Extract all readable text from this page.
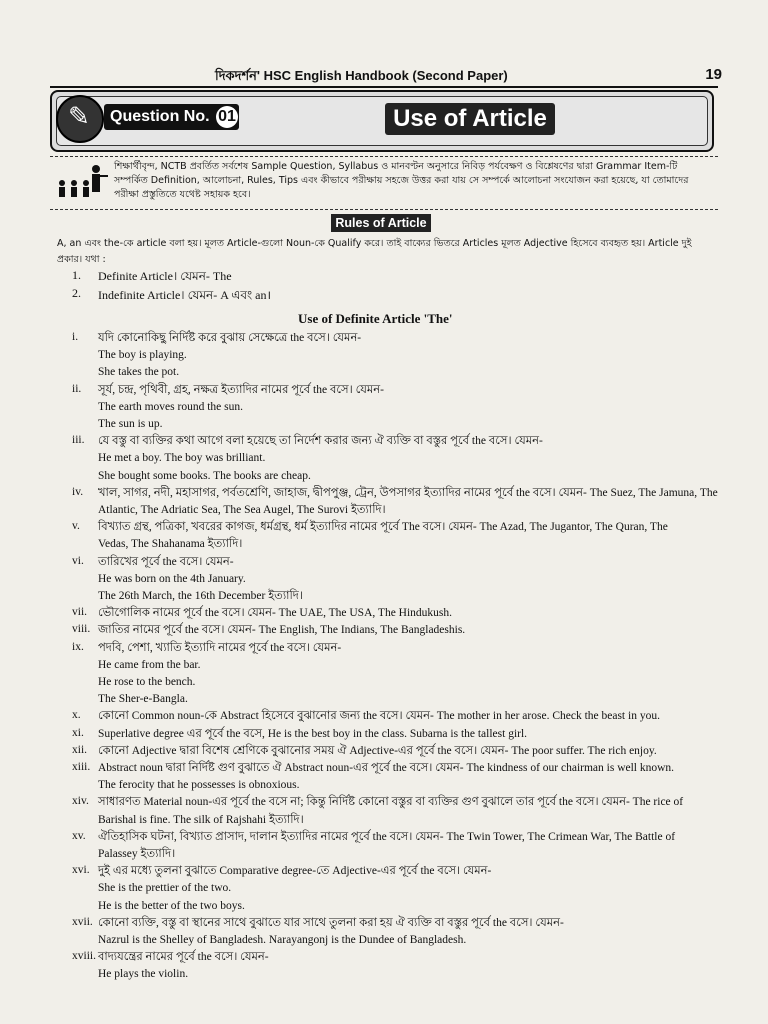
দিকদর্শন' HSC English Handbook (Second Paper)	19
✎
Question No. 01	Use of Article
শিক্ষার্থীবৃন্দ, NCTB প্রবর্তিত সর্বশেষ Sample Question, Syllabus ও মানবণ্টন অনুসারে নিবিড় পর্যবেক্ষণ ও বিশ্লেষণের দ্বারা Grammar Item-টি সম্পর্কিত Definition, আলোচনা, Rules, Tips এবং কীভাবে পরীক্ষায় সহজে উত্তর করা যায় সে সম্পর্কে আলোচনা সংযোজন করা হয়েছে, যা তোমাদের পরীক্ষা প্রস্তুতিতে যথেষ্ট সহায়ক হবে।
Rules of Article
A, an এবং the-কে article বলা হয়। মূলত Article-গুলো Noun-কে Qualify করে। তাই বাক্যের ভিতরে Articles মূলত Adjective হিসেবে ব্যবহৃত হয়। Article দুই প্রকার। যথা :
1. Definite Article। যেমন- The
2. Indefinite Article। যেমন- A এবং an।
Use of Definite Article 'The'
i. যদি কোনোকিছু নির্দিষ্ট করে বুঝায় সেক্ষেত্রে the বসে। যেমন-
The boy is playing.
She takes the pot.
ii. সূর্য, চন্দ্র, পৃথিবী, গ্রহ, নক্ষত্র ইত্যাদির নামের পূর্বে the বসে। যেমন-
The earth moves round the sun.
The sun is up.
iii. যে বস্তু বা ব্যক্তির কথা আগে বলা হয়েছে তা নির্দেশ করার জন্য ঐ ব্যক্তি বা বস্তুর পূর্বে the বসে। যেমন-
He met a boy. The boy was brilliant.
She bought some books. The books are cheap.
iv. খাল, সাগর, নদী, মহাসাগর, পর্বতশ্রেণি, জাহাজ, দ্বীপপুঞ্জ, ট্রেন, উপসাগর ইত্যাদির নামের পূর্বে the বসে। যেমন- The Suez, The Jamuna, The
Atlantic, The Adriatic Sea, The Sea Augel, The Surovi ইত্যাদি।
v. বিখ্যাত গ্রন্থ, পত্রিকা, খবরের কাগজ, ধর্মগ্রন্থ, ধর্ম ইত্যাদির নামের পূর্বে The বসে। যেমন- The Azad, The Jugantor, The Quran, The
Vedas, The Shahanama ইত্যাদি।
vi. তারিখের পূর্বে the বসে। যেমন-
He was born on the 4th January.
The 26th March, the 16th December ইত্যাদি।
vii. ভৌগোলিক নামের পূর্বে the বসে। যেমন- The UAE, The USA, The Hindukush.
viii. জাতির নামের পূর্বে the বসে। যেমন- The English, The Indians, The Bangladeshis.
ix. পদবি, পেশা, খ্যাতি ইত্যাদি নামের পূর্বে the বসে। যেমন-
He came from the bar.
He rose to the bench.
The Sher-e-Bangla.
x. কোনো Common noun-কে Abstract হিসেবে বুঝানোর জন্য the বসে। যেমন- The mother in her arose. Check the beast in you.
xi. Superlative degree এর পূর্বে the বসে, He is the best boy in the class. Subarna is the tallest girl.
xii. কোনো Adjective দ্বারা বিশেষ শ্রেণিকে বুঝানোর সময় ঐ Adjective-এর পূর্বে the বসে। যেমন- The poor suffer. The rich enjoy.
xiii. Abstract noun দ্বারা নির্দিষ্ট গুণ বুঝাতে ঐ Abstract noun-এর পূর্বে the বসে। যেমন- The kindness of our chairman is well known.
The ferocity that he possesses is obnoxious.
xiv. সাধারণত Material noun-এর পূর্বে the বসে না; কিন্তু নির্দিষ্ট কোনো বস্তুর বা ব্যক্তির গুণ বুঝালে তার পূর্বে the বসে। যেমন- The rice of
Barishal is fine. The silk of Rajshahi ইত্যাদি।
xv. ঐতিহাসিক ঘটনা, বিখ্যাত প্রাসাদ, দালান ইত্যাদির নামের পূর্বে the বসে। যেমন- The Twin Tower, The Crimean War, The Battle of
Palassey ইত্যাদি।
xvi. দুই এর মধ্যে তুলনা বুঝাতে Comparative degree-তে Adjective-এর পূর্বে the বসে। যেমন-
She is the prettier of the two.
He is the better of the two boys.
xvii. কোনো ব্যক্তি, বস্তু বা স্থানের সাথে বুঝাতে যার সাথে তুলনা করা হয় ঐ ব্যক্তি বা বস্তুর পূর্বে the বসে। যেমন-
Nazrul is the Shelley of Bangladesh. Narayangonj is the Dundee of Bangladesh.
xviii. বাদ্যযন্ত্রের নামের পূর্বে the বসে। যেমন-
He plays the violin.
